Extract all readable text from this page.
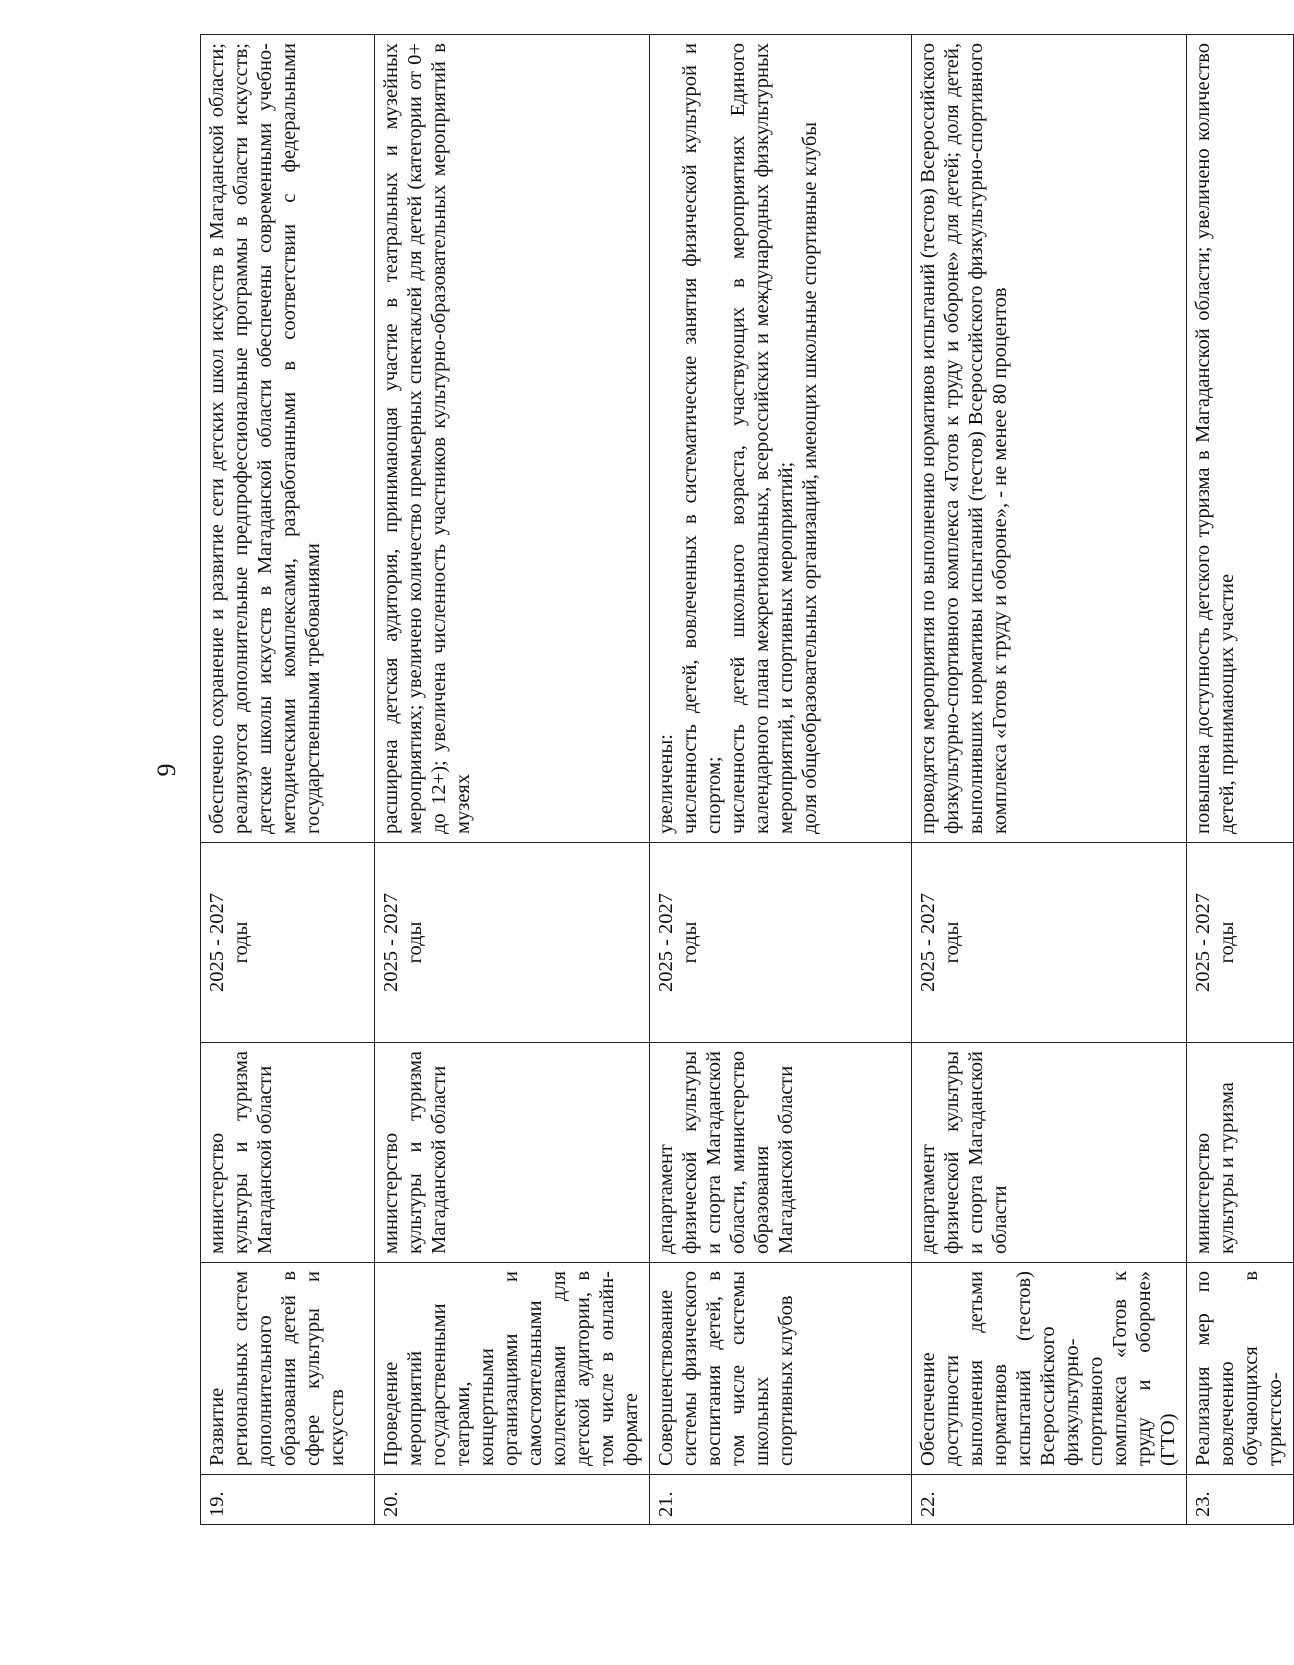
9
19.	Развитие региональных систем дополнительного образования детей в сфере культуры и искусств	министерство культуры и туризма Магаданской области	2025 - 2027 годы	обеспечено сохранение и развитие сети детских школ искусств в Магаданской области; реализуются дополнительные предпрофессиональные программы в области искусств; детские школы искусств в Магаданской области обеспечены современными учебно-методическими комплексами, разработанными в соответствии с федеральными государственными требованиями

20.	Проведение мероприятий государственными театрами, концертными организациями и самостоятельными коллективами для детской аудитории, в том числе в онлайн-формате	министерство культуры и туризма Магаданской области	2025 - 2027 годы	расширена детская аудитория, принимающая участие в театральных и музейных мероприятиях; увеличено количество премьерных спектаклей для детей (категории от 0+ до 12+); увеличена численность участников культурно-образовательных мероприятий в музеях

21.	Совершенствование системы физического воспитания детей, в том числе системы школьных спортивных клубов	департамент физической культуры и спорта Магаданской области, министерство образования Магаданской области	2025 - 2027 годы	увеличены: численность детей, вовлеченных в систематические занятия физической культурой и спортом; численность детей школьного возраста, участвующих в мероприятиях Единого календарного плана межрегиональных, всероссийских и международных физкультурных мероприятий, и спортивных мероприятий; доля общеобразовательных организаций, имеющих школьные спортивные клубы

22.	Обеспечение доступности выполнения детьми нормативов испытаний (тестов) Всероссийского физкультурно-спортивного комплекса «Готов к труду и обороне» (ГТО)	департамент физической культуры и спорта Магаданской области	2025 - 2027 годы	проводятся мероприятия по выполнению нормативов испытаний (тестов) Всероссийского физкультурно-спортивного комплекса «Готов к труду и обороне» для детей; доля детей, выполнивших нормативы испытаний (тестов) Всероссийского физкультурно-спортивного комплекса «Готов к труду и обороне», - не менее 80 процентов

23.	Реализация мер по вовлечению обучающихся в туристско-	министерство культуры и туризма	2025 - 2027 годы	повышена доступность детского туризма в Магаданской области; увеличено количество детей, принимающих участие
